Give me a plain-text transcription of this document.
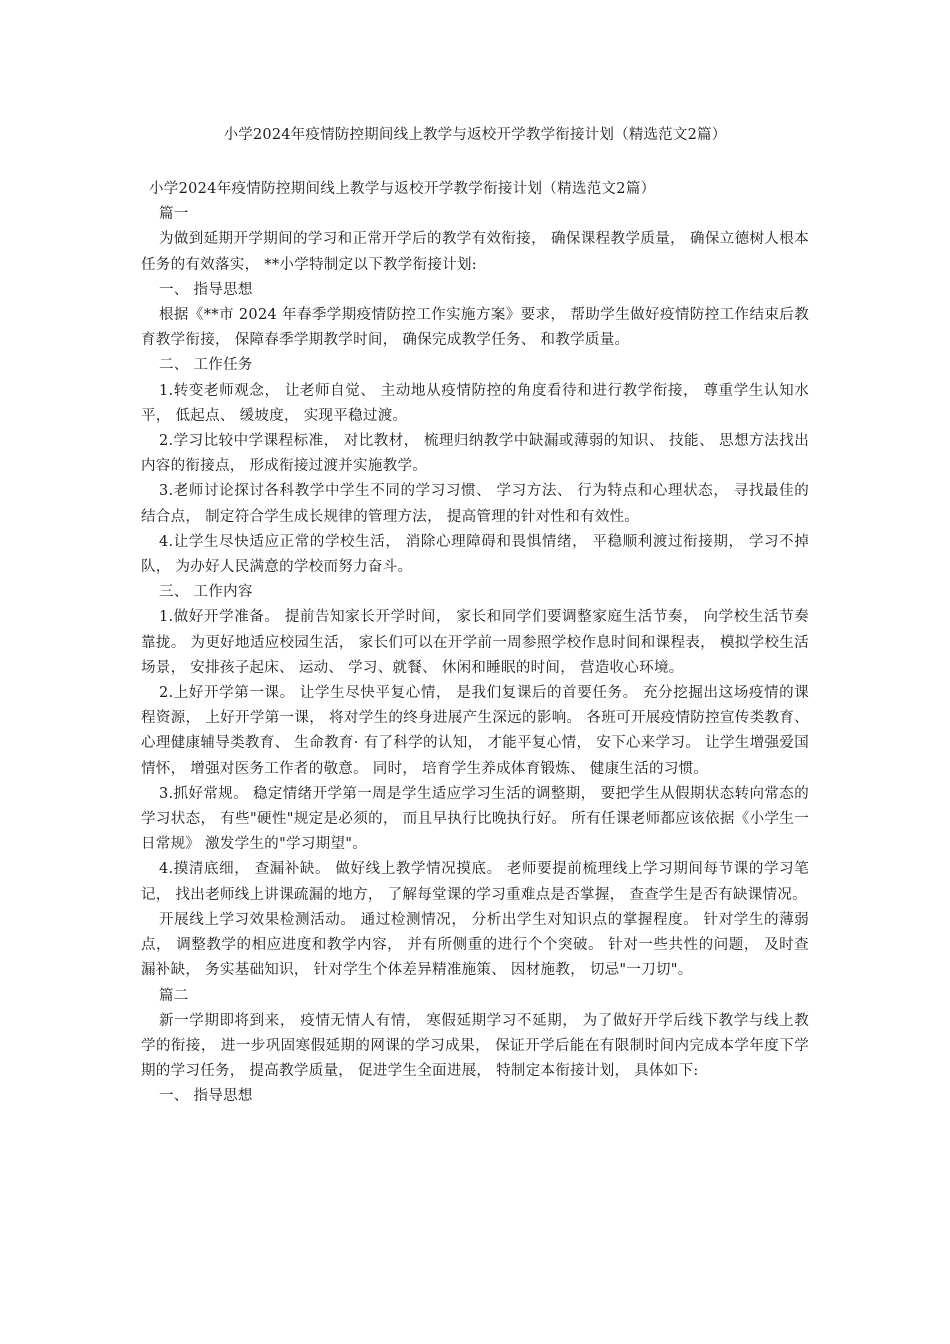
小学2024年疫情防控期间线上教学与返校开学教学衔接计划（精选范文2篇）

小学2024年疫情防控期间线上教学与返校开学教学衔接计划（精选范文2篇）

篇一

为做到延期开学期间的学习和正常开学后的教学有效衔接， 确保课程教学质量， 确保立德树人根本任务的有效落实， **小学特制定以下教学衔接计划:

一、 指导思想

根据《**市 2024 年春季学期疫情防控工作实施方案》要求， 帮助学生做好疫情防控工作结束后教育教学衔接， 保障春季学期教学时间， 确保完成教学任务、 和教学质量。

二、 工作任务

1.转变老师观念， 让老师自觉、 主动地从疫情防控的角度看待和进行教学衔接， 尊重学生认知水平， 低起点、 缓坡度， 实现平稳过渡。

2.学习比较中学课程标准， 对比教材， 梳理归纳教学中缺漏或薄弱的知识、 技能、 思想方法找出内容的衔接点， 形成衔接过渡并实施教学。

3.老师讨论探讨各科教学中学生不同的学习习惯、 学习方法、 行为特点和心理状态， 寻找最佳的结合点， 制定符合学生成长规律的管理方法， 提高管理的针对性和有效性。

4.让学生尽快适应正常的学校生活， 消除心理障碍和畏惧情绪， 平稳顺利渡过衔接期， 学习不掉队， 为办好人民满意的学校而努力奋斗。

三、 工作内容

1.做好开学准备。 提前告知家长开学时间， 家长和同学们要调整家庭生活节奏， 向学校生活节奏靠拢。 为更好地适应校园生活， 家长们可以在开学前一周参照学校作息时间和课程表， 模拟学校生活场景， 安排孩子起床、 运动、 学习、就餐、 休闲和睡眠的时间， 营造收心环境。

2.上好开学第一课。 让学生尽快平复心情， 是我们复课后的首要任务。 充分挖掘出这场疫情的课程资源， 上好开学第一课， 将对学生的终身进展产生深远的影响。 各班可开展疫情防控宣传类教育、 心理健康辅导类教育、 生命教育· 有了科学的认知， 才能平复心情， 安下心来学习。 让学生增强爱国情怀， 增强对医务工作者的敬意。 同时， 培育学生养成体育锻炼、 健康生活的习惯。

3.抓好常规。 稳定情绪开学第一周是学生适应学习生活的调整期， 要把学生从假期状态转向常态的学习状态， 有些"硬性"规定是必须的， 而且早执行比晚执行好。 所有任课老师都应该依据《小学生一日常规》 激发学生的"学习期望"。

4.摸清底细， 查漏补缺。 做好线上教学情况摸底。 老师要提前梳理线上学习期间每节课的学习笔记， 找出老师线上讲课疏漏的地方， 了解每堂课的学习重难点是否掌握， 查查学生是否有缺课情况。

开展线上学习效果检测活动。 通过检测情况， 分析出学生对知识点的掌握程度。 针对学生的薄弱点， 调整教学的相应进度和教学内容， 并有所侧重的进行个个突破。 针对一些共性的问题， 及时查漏补缺， 务实基础知识， 针对学生个体差异精准施策、 因材施教， 切忌"一刀切"。

篇二

新一学期即将到来， 疫情无情人有情， 寒假延期学习不延期， 为了做好开学后线下教学与线上教学的衔接， 进一步巩固寒假延期的网课的学习成果， 保证开学后能在有限制时间内完成本学年度下学期的学习任务， 提高教学质量， 促进学生全面进展， 特制定本衔接计划， 具体如下:

一、 指导思想
